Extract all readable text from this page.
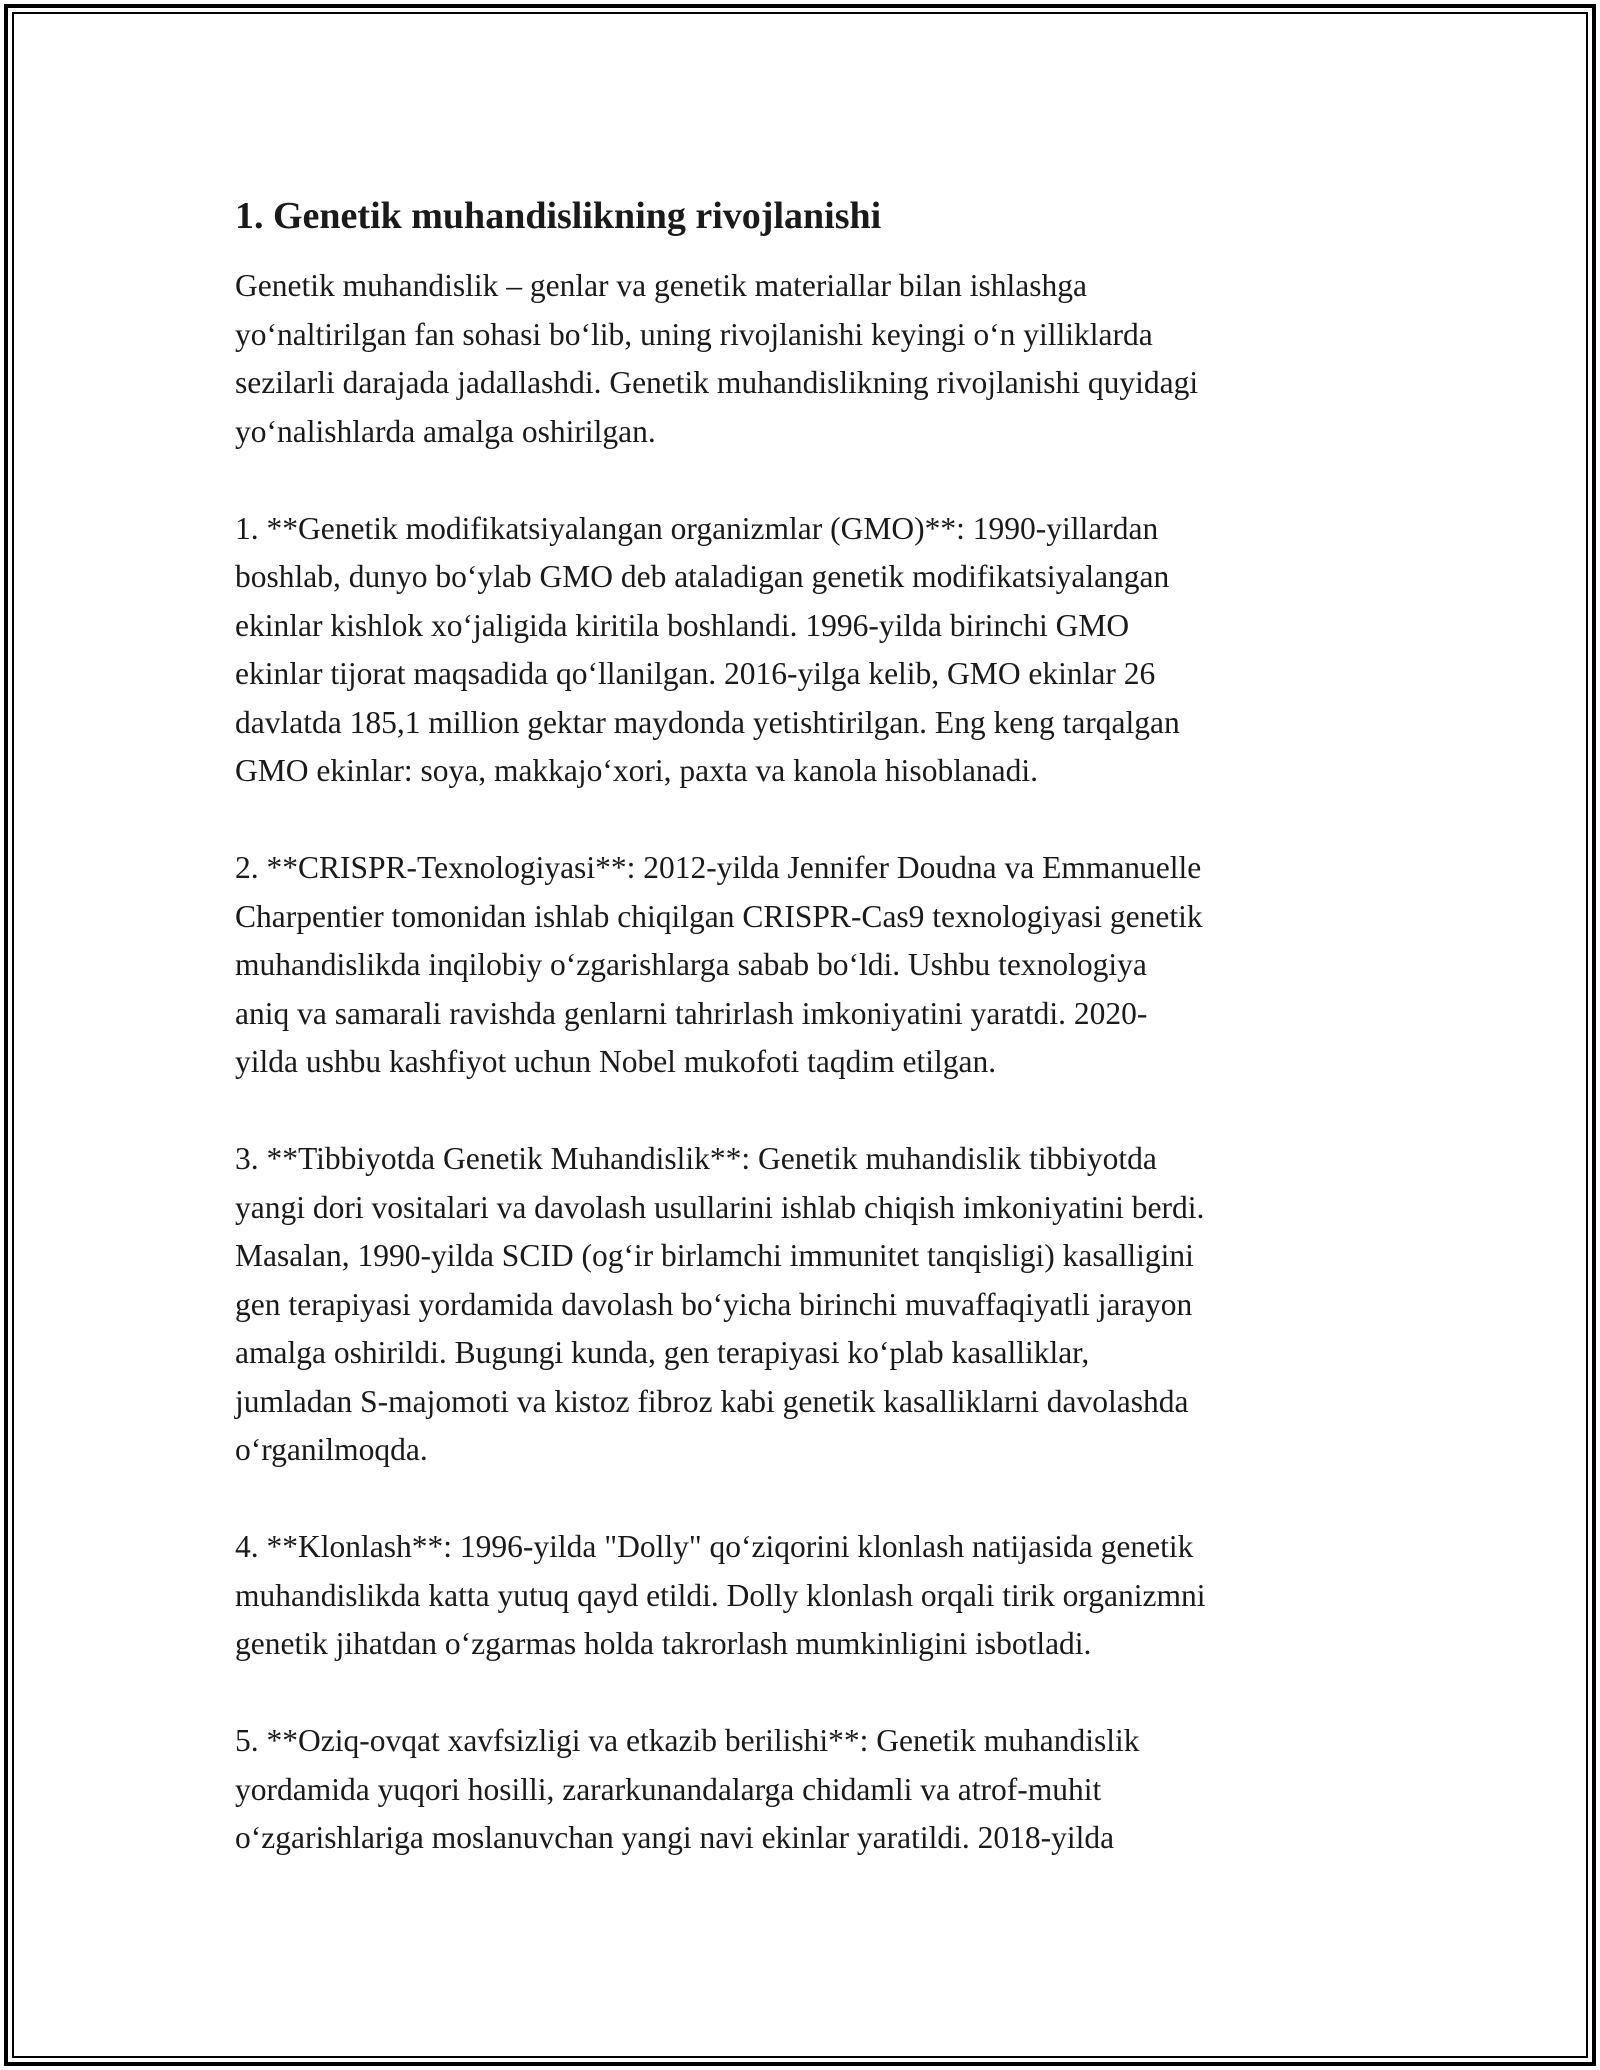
1. Genetik muhandislikning rivojlanishi

Genetik muhandislik – genlar va genetik materiallar bilan ishlashga
yo‘naltirilgan fan sohasi bo‘lib, uning rivojlanishi keyingi o‘n yilliklarda
sezilarli darajada jadallashdi. Genetik muhandislikning rivojlanishi quyidagi
yo‘nalishlarda amalga oshirilgan.

1. **Genetik modifikatsiyalangan organizmlar (GMO)**: 1990-yillardan
boshlab, dunyo bo‘ylab GMO deb ataladigan genetik modifikatsiyalangan
ekinlar kishlok xo‘jaligida kiritila boshlandi. 1996-yilda birinchi GMO
ekinlar tijorat maqsadida qo‘llanilgan. 2016-yilga kelib, GMO ekinlar 26
davlatda 185,1 million gektar maydonda yetishtirilgan. Eng keng tarqalgan
GMO ekinlar: soya, makkajo‘xori, paxta va kanola hisoblanadi.

2. **CRISPR-Texnologiyasi**: 2012-yilda Jennifer Doudna va Emmanuelle
Charpentier tomonidan ishlab chiqilgan CRISPR-Cas9 texnologiyasi genetik
muhandislikda inqilobiy o‘zgarishlarga sabab bo‘ldi. Ushbu texnologiya
aniq va samarali ravishda genlarni tahrirlash imkoniyatini yaratdi. 2020-
yilda ushbu kashfiyot uchun Nobel mukofoti taqdim etilgan.

3. **Tibbiyotda Genetik Muhandislik**: Genetik muhandislik tibbiyotda
yangi dori vositalari va davolash usullarini ishlab chiqish imkoniyatini berdi.
Masalan, 1990-yilda SCID (og‘ir birlamchi immunitet tanqisligi) kasalligini
gen terapiyasi yordamida davolash bo‘yicha birinchi muvaffaqiyatli jarayon
amalga oshirildi. Bugungi kunda, gen terapiyasi ko‘plab kasalliklar,
jumladan S-majomoti va kistoz fibroz kabi genetik kasalliklarni davolashda
o‘rganilmoqda.

4. **Klonlash**: 1996-yilda "Dolly" qo‘ziqorini klonlash natijasida genetik
muhandislikda katta yutuq qayd etildi. Dolly klonlash orqali tirik organizmni
genetik jihatdan o‘zgarmas holda takrorlash mumkinligini isbotladi.

5. **Oziq-ovqat xavfsizligi va etkazib berilishi**: Genetik muhandislik
yordamida yuqori hosilli, zararkunandalarga chidamli va atrof-muhit
o‘zgarishlariga moslanuvchan yangi navi ekinlar yaratildi. 2018-yilda
